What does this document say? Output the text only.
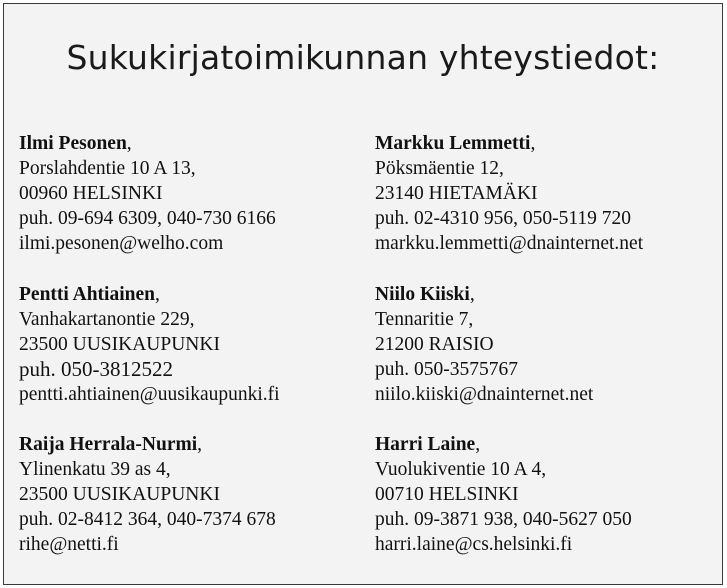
Sukukirjatoimikunnan yhteystiedot:
Ilmi Pesonen,
Porslahdentie 10 A 13,
00960 HELSINKI
puh. 09-694 6309, 040-730 6166
ilmi.pesonen@welho.com
Markku Lemmetti,
Pöksmäentie 12,
23140 HIETAMÄKI
puh. 02-4310 956, 050-5119 720
markku.lemmetti@dnainternet.net
Pentti Ahtiainen,
Vanhakartanontie 229,
23500 UUSIKAUPUNKI
puh. 050-3812522
pentti.ahtiainen@uusikaupunki.fi
Niilo Kiiski,
Tennaritie 7,
21200 RAISIO
puh. 050-3575767
niilo.kiiski@dnainternet.net
Raija Herrala-Nurmi,
Ylinenkatu 39 as 4,
23500 UUSIKAUPUNKI
puh. 02-8412 364, 040-7374 678
rihe@netti.fi
Harri Laine,
Vuolukiventie 10 A 4,
00710 HELSINKI
puh. 09-3871 938, 040-5627 050
harri.laine@cs.helsinki.fi
